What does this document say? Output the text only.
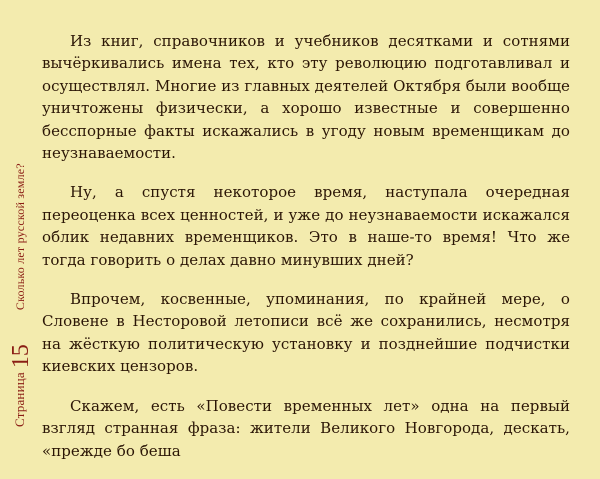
Страница
15
Сколько лет русской земле?

Из книг, справочников и учебников десятками и сотнями вычёркивались имена тех, кто эту революцию подготавливал и осуществлял. Многие из главных деятелей Октября были вообще уничтожены физически, а хорошо известные и совершенно бесспорные факты искажались в угоду новым временщикам до неузнаваемости.

Ну, а спустя некоторое время, наступала очередная переоценка всех ценностей, и уже до неузнаваемости искажался облик недавних временщиков. Это в наше-то время! Что же тогда говорить о делах давно минувших дней?

Впрочем, косвенные, упоминания, по крайней мере, о Словене в Несторовой летописи всё же сохранились, несмотря на жёсткую политическую установку и позднейшие подчистки киевских цензоров.

Скажем, есть «Повести временных лет» одна на первый взгляд странная фраза: жители Великого Новгорода, дескать, «прежде бо беша
